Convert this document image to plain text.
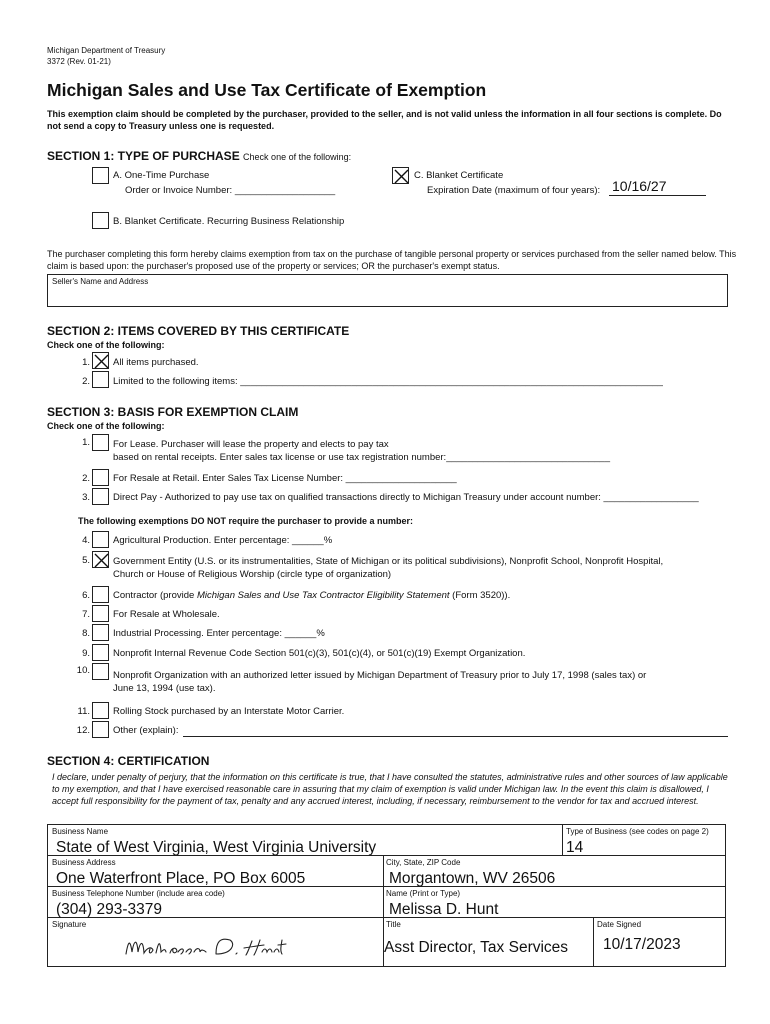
Michigan Department of Treasury
3372 (Rev. 01-21)
Michigan Sales and Use Tax Certificate of Exemption
This exemption claim should be completed by the purchaser, provided to the seller, and is not valid unless the information in all four sections is complete. Do not send a copy to Treasury unless one is requested.
SECTION 1: TYPE OF PURCHASE Check one of the following:
A. One-Time Purchase
Order or Invoice Number: ___________________
C. Blanket Certificate
Expiration Date (maximum of four years): 10/16/27
B. Blanket Certificate. Recurring Business Relationship
The purchaser completing this form hereby claims exemption from tax on the purchase of tangible personal property or services purchased from the seller named below. This claim is based upon: the purchaser's proposed use of the property or services; OR the purchaser's exempt status.
Seller's Name and Address
SECTION 2: ITEMS COVERED BY THIS CERTIFICATE
Check one of the following:
1. All items purchased.
2. Limited to the following items: ________________________________________________________________________________
SECTION 3: BASIS FOR EXEMPTION CLAIM
Check one of the following:
1. For Lease. Purchaser will lease the property and elects to pay tax
based on rental receipts. Enter sales tax license or use tax registration number:_______________________________
2. For Resale at Retail. Enter Sales Tax License Number: _____________________
3. Direct Pay - Authorized to pay use tax on qualified transactions directly to Michigan Treasury under account number: __________________
The following exemptions DO NOT require the purchaser to provide a number:
4. Agricultural Production. Enter percentage: ______%
5. Government Entity (U.S. or its instrumentalities, State of Michigan or its political subdivisions), Nonprofit School, Nonprofit Hospital,
Church or House of Religious Worship (circle type of organization)
6. Contractor (provide Michigan Sales and Use Tax Contractor Eligibility Statement (Form 3520)).
7. For Resale at Wholesale.
8. Industrial Processing. Enter percentage: ______%
9. Nonprofit Internal Revenue Code Section 501(c)(3), 501(c)(4), or 501(c)(19) Exempt Organization.
10. Nonprofit Organization with an authorized letter issued by Michigan Department of Treasury prior to July 17, 1998 (sales tax) or
June 13, 1994 (use tax).
11. Rolling Stock purchased by an Interstate Motor Carrier.
12. Other (explain):
SECTION 4: CERTIFICATION
I declare, under penalty of perjury, that the information on this certificate is true, that I have consulted the statutes, administrative rules and other sources of law applicable to my exemption, and that I have exercised reasonable care in assuring that my claim of exemption is valid under Michigan law. In the event this claim is disallowed, I accept full responsibility for the payment of tax, penalty and any accrued interest, including, if necessary, reimbursement to the vendor for tax and accrued interest.
Business Name
State of West Virginia, West Virginia University
Type of Business (see codes on page 2)
14
Business Address
One Waterfront Place, PO Box 6005
City, State, ZIP Code
Morgantown, WV 26506
Business Telephone Number (include area code)
(304) 293-3379
Name (Print or Type)
Melissa D. Hunt
Signature	Title
Asst Director, Tax Services
Date Signed
10/17/2023
